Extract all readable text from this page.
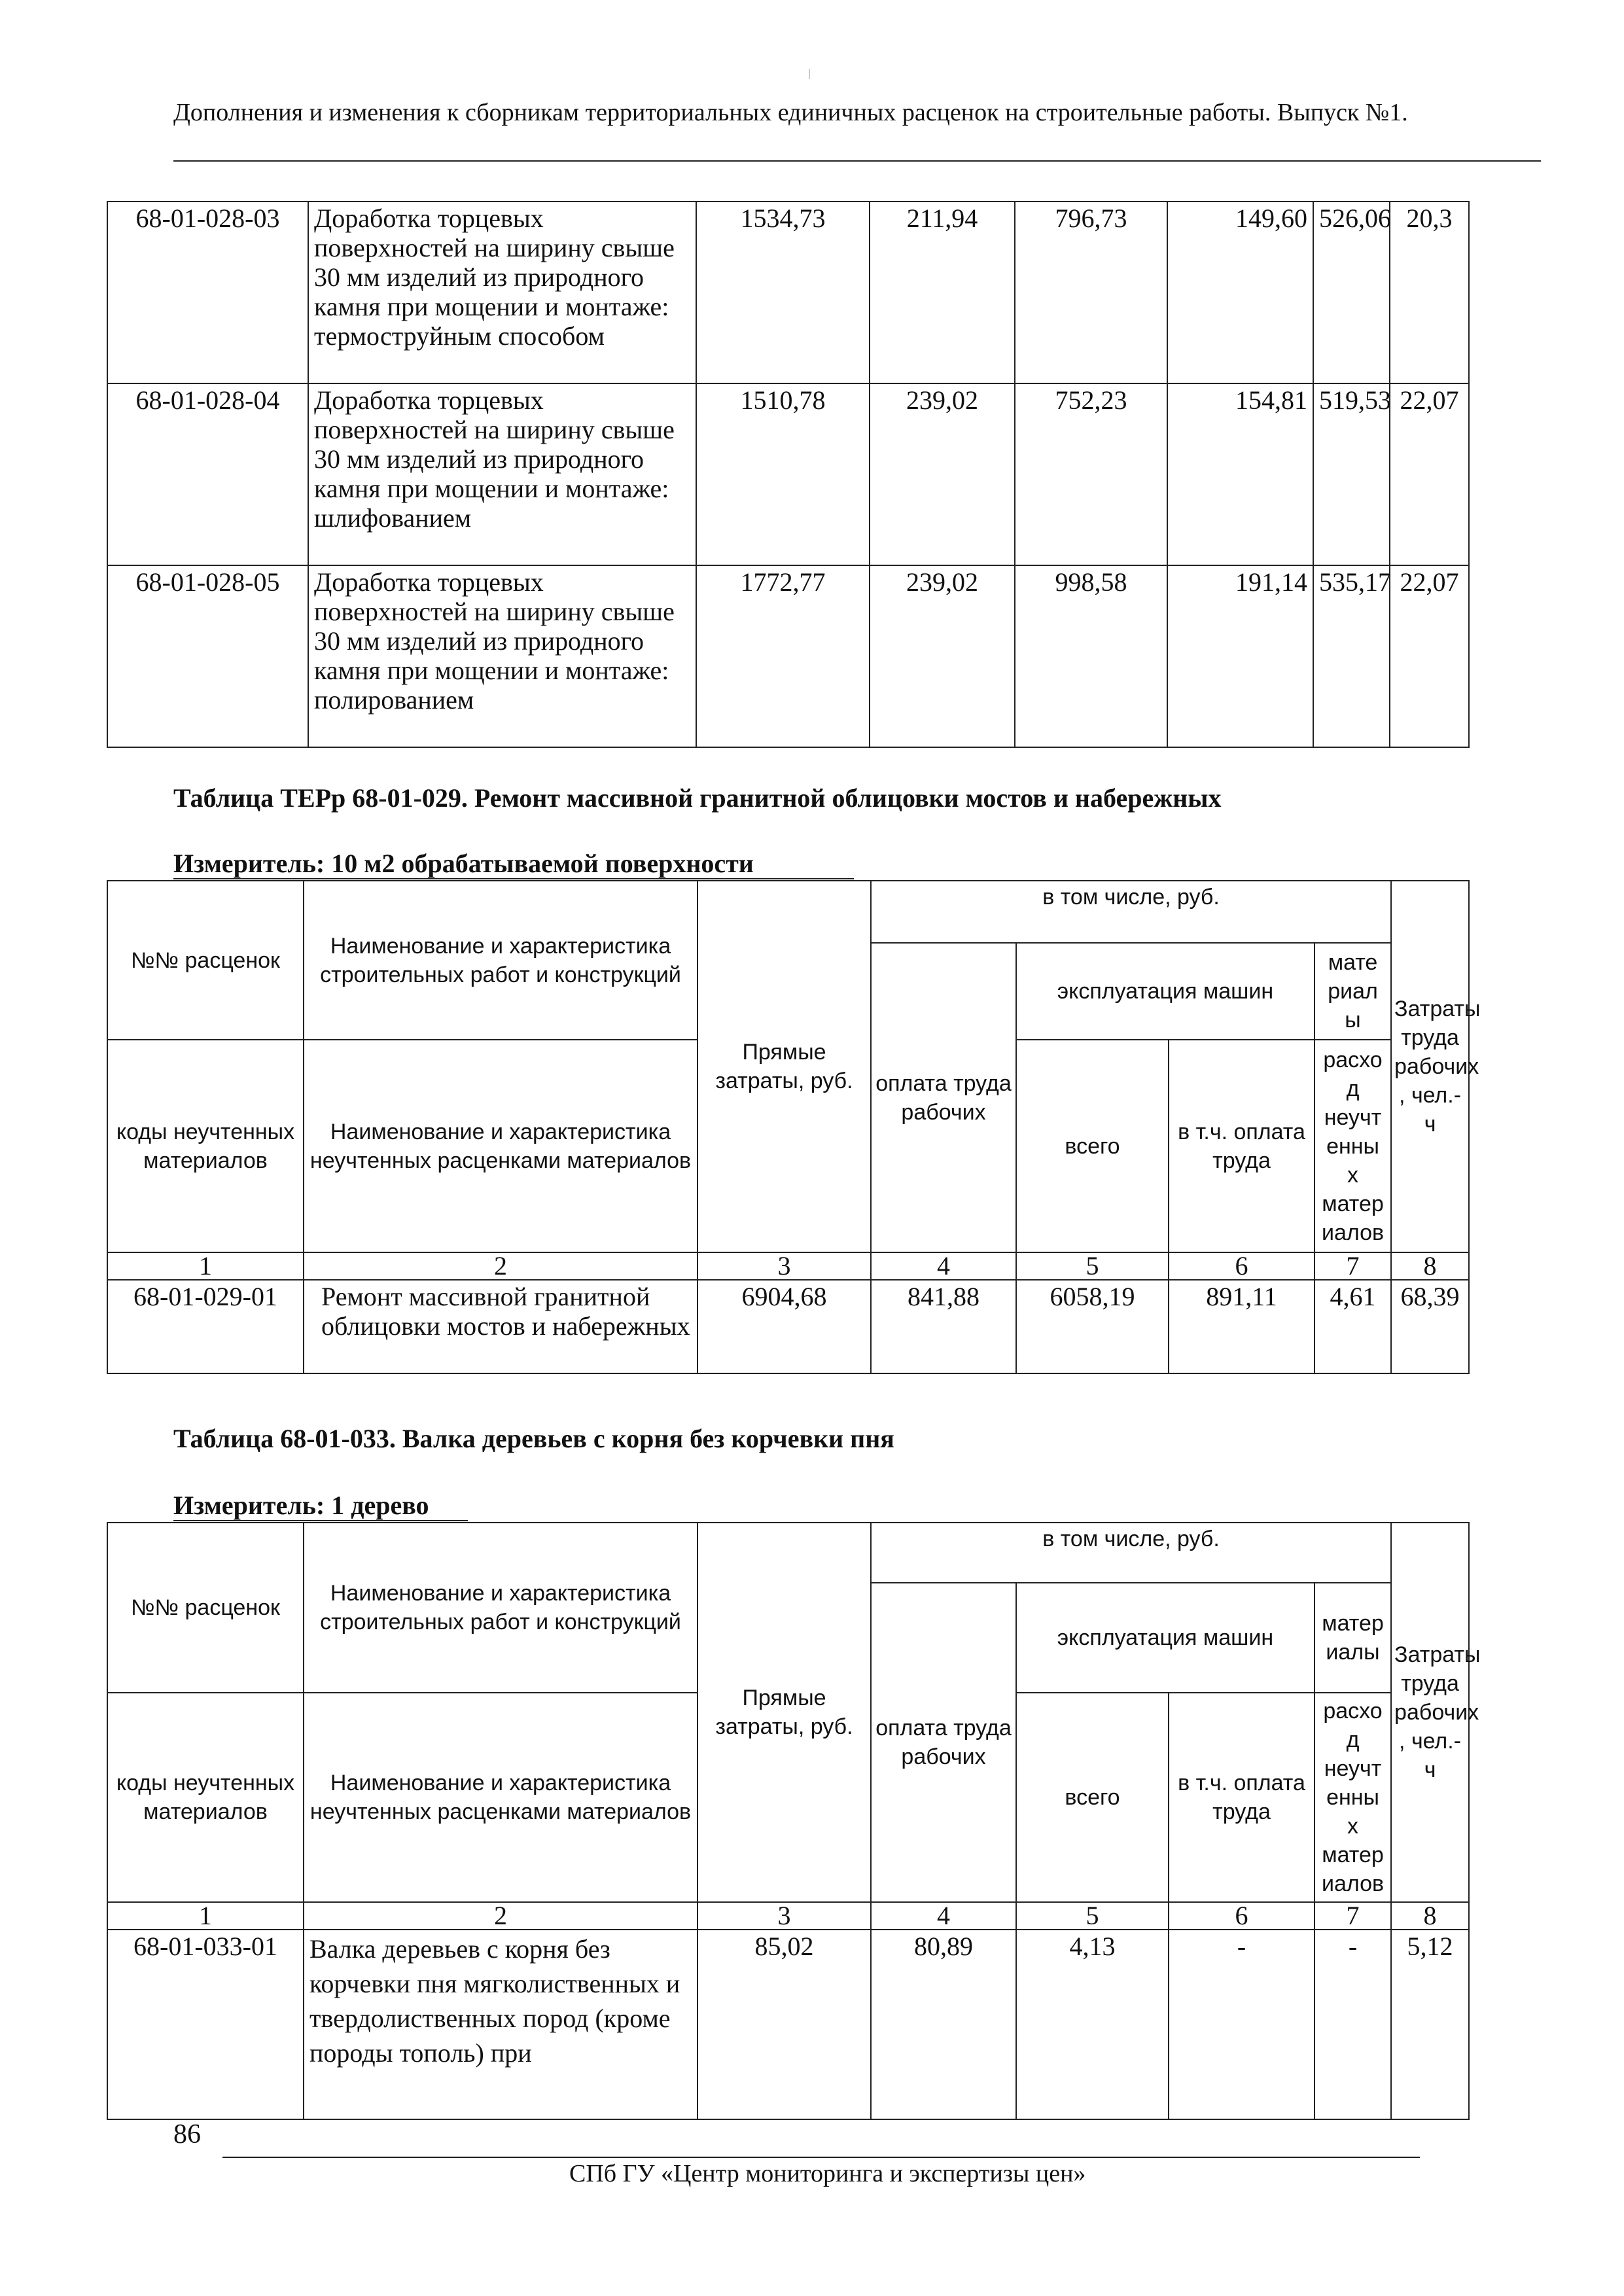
Дополнения и изменения к сборникам территориальных единичных расценок на строительные работы. Выпуск №1.
68-01-028-03	Доработка торцевых поверхностей на ширину свыше 30 мм изделий из природного камня при мощении и монтаже: термоструйным способом	1534,73	211,94	796,73	149,60	526,06	20,3
68-01-028-04	Доработка торцевых поверхностей на ширину свыше 30 мм изделий из природного камня при мощении и монтаже: шлифованием	1510,78	239,02	752,23	154,81	519,53	22,07
68-01-028-05	Доработка торцевых поверхностей на ширину свыше 30 мм изделий из природного камня при мощении и монтаже: полированием	1772,77	239,02	998,58	191,14	535,17	22,07
Таблица ТЕРр 68-01-029. Ремонт массивной гранитной облицовки мостов и набережных
Измеритель: 10 м2 обрабатываемой поверхности
№№ расценок	Наименование и характеристика строительных работ и конструкций	Прямые затраты, руб.	в том числе, руб.				Затраты труда рабочих , чел.-ч
			оплата труда рабочих	эксплуатация машин		мате риал ы	
коды неучтенных материалов	Наименование и характеристика неучтенных расценками материалов			всего	в т.ч. оплата труда	расхо д неучт енны х матер иалов	

1	2	3	4	5	6	7	8
68-01-029-01	Ремонт массивной гранитной облицовки мостов и набережных	6904,68	841,88	6058,19	891,11	4,61	68,39
Таблица 68-01-033. Валка деревьев с корня без корчевки пня
Измеритель: 1 дерево
№№ расценок	Наименование и характеристика строительных работ и конструкций	Прямые затраты, руб.	в том числе, руб.				Затраты труда рабочих , чел.-ч
			оплата труда рабочих	эксплуатация машин		матер иалы	
коды неучтенных материалов	Наименование и характеристика неучтенных расценками материалов			всего	в т.ч. оплата труда	расхо д неучт енны х матер иалов	

1	2	3	4	5	6	7	8
68-01-033-01	Валка деревьев с корня без корчевки пня мягколиственных и твердолиственных пород (кроме породы тополь) при	85,02	80,89	4,13	-	-	5,12
86
СПб ГУ «Центр мониторинга и экспертизы цен»
